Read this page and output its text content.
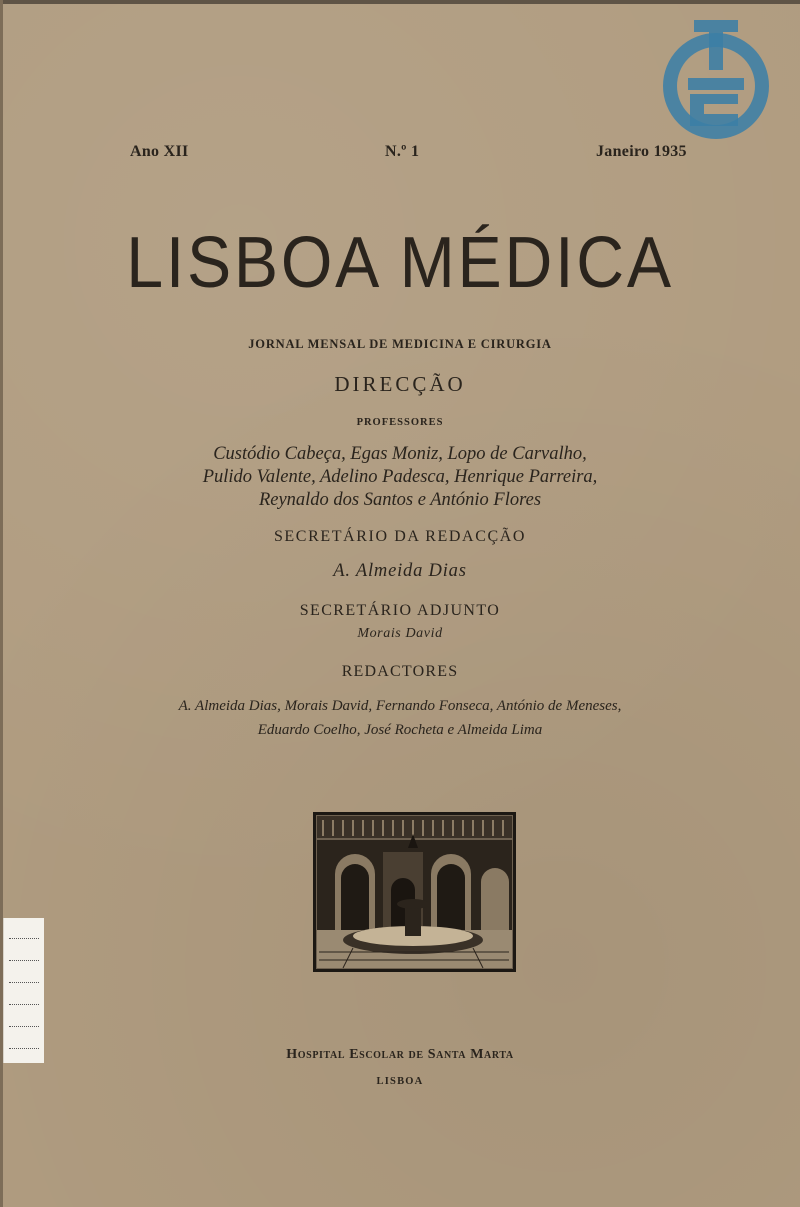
Ano XII	N.º 1	Janeiro 1935
LISBOA MÉDICA
JORNAL MENSAL DE MEDICINA E CIRURGIA
DIRECÇÃO
PROFESSORES
Custódio Cabeça, Egas Moniz, Lopo de Carvalho,
Pulido Valente, Adelino Padesca, Henrique Parreira,
Reynaldo dos Santos e António Flores
SECRETÁRIO DA REDACÇÃO
A. Almeida Dias
SECRETÁRIO ADJUNTO
Morais David
REDACTORES
A. Almeida Dias, Morais David, Fernando Fonseca, António de Meneses,
Eduardo Coelho, José Rocheta e Almeida Lima
Hospital Escolar de Santa Marta
LISBOA
